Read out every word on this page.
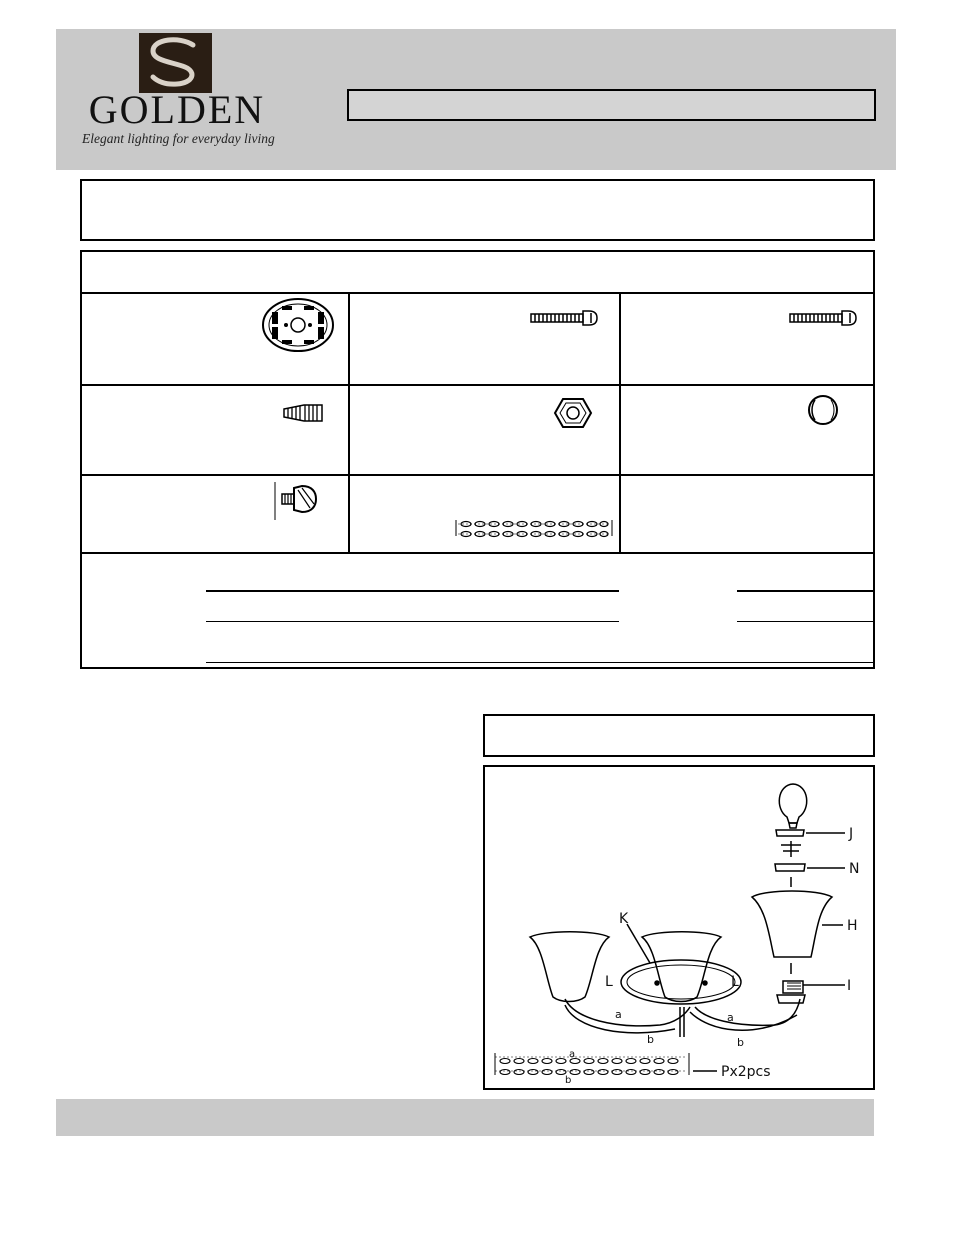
GOLDEN
Elegant lighting for everyday living
J
N
H
I
K
L	L
a	a
b	b
a
b
Px2pcs
